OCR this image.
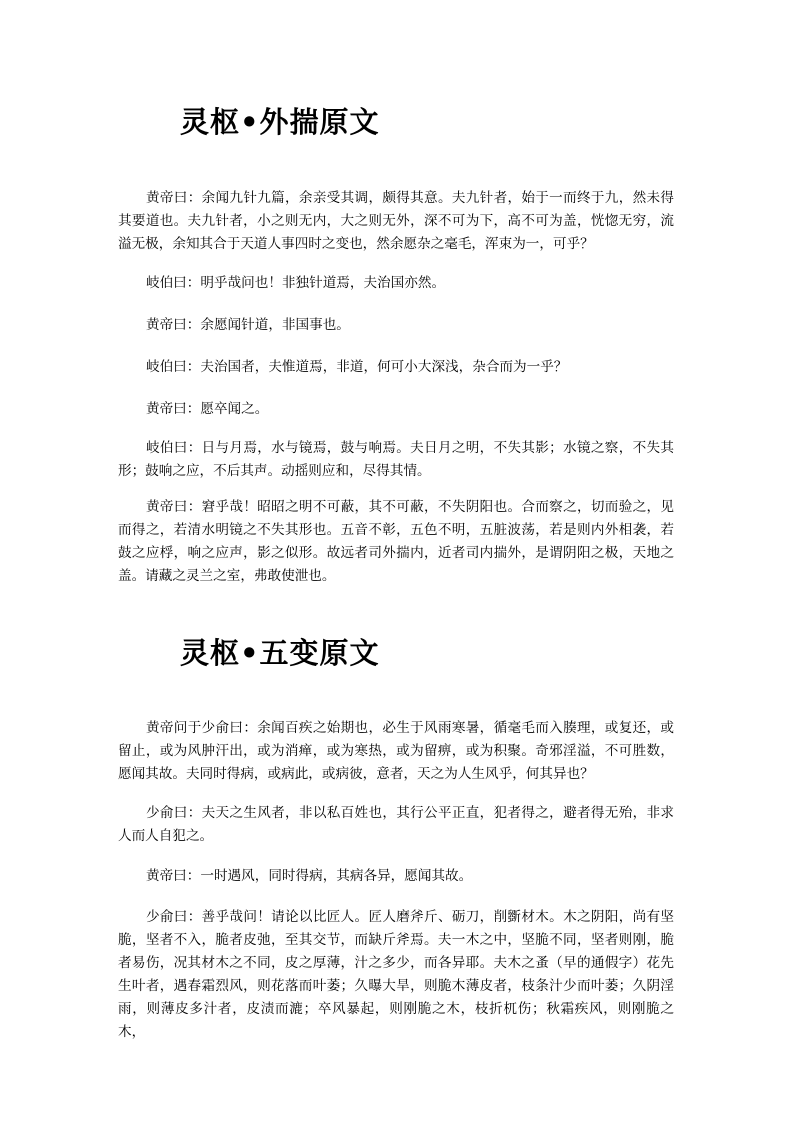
灵枢•外揣原文

黄帝曰：余闻九针九篇，余亲受其调，颇得其意。夫九针者，始于一而终于九，然未得其要道也。夫九针者，小之则无内，大之则无外，深不可为下，高不可为盖，恍惚无穷，流溢无极，余知其合于天道人事四时之变也，然余愿杂之毫毛，浑束为一，可乎？

岐伯曰：明乎哉问也！非独针道焉，夫治国亦然。

黄帝曰：余愿闻针道，非国事也。

岐伯曰：夫治国者，夫惟道焉，非道，何可小大深浅，杂合而为一乎？

黄帝曰：愿卒闻之。

岐伯曰：日与月焉，水与镜焉，鼓与响焉。夫日月之明，不失其影；水镜之察，不失其形；鼓响之应，不后其声。动摇则应和，尽得其情。

黄帝曰：窘乎哉！昭昭之明不可蔽，其不可蔽，不失阴阳也。合而察之，切而验之，见而得之，若清水明镜之不失其形也。五音不彰，五色不明，五脏波荡，若是则内外相袭，若鼓之应桴，响之应声，影之似形。故远者司外揣内，近者司内揣外，是谓阴阳之极，天地之盖。请藏之灵兰之室，弗敢使泄也。

灵枢•五变原文

黄帝问于少俞曰：余闻百疾之始期也，必生于风雨寒暑，循毫毛而入腠理，或复还，或留止，或为风肿汗出，或为消瘅，或为寒热，或为留痹，或为积聚。奇邪淫溢，不可胜数，愿闻其故。夫同时得病，或病此，或病彼，意者，天之为人生风乎，何其异也？

少俞曰：夫天之生风者，非以私百姓也，其行公平正直，犯者得之，避者得无殆，非求人而人自犯之。

黄帝曰：一时遇风，同时得病，其病各异，愿闻其故。

少俞曰：善乎哉问！请论以比匠人。匠人磨斧斤、砺刀，削斵材木。木之阴阳，尚有坚脆，坚者不入，脆者皮弛，至其交节，而缺斤斧焉。夫一木之中，坚脆不同，坚者则刚，脆者易伤，况其材木之不同，皮之厚薄，汁之多少，而各异耶。夫木之蚤（早的通假字）花先生叶者，遇春霜烈风，则花落而叶萎；久曝大旱，则脆木薄皮者，枝条汁少而叶萎；久阴淫雨，则薄皮多汁者，皮渍而漉；卒风暴起，则刚脆之木，枝折杌伤；秋霜疾风，则刚脆之木，
